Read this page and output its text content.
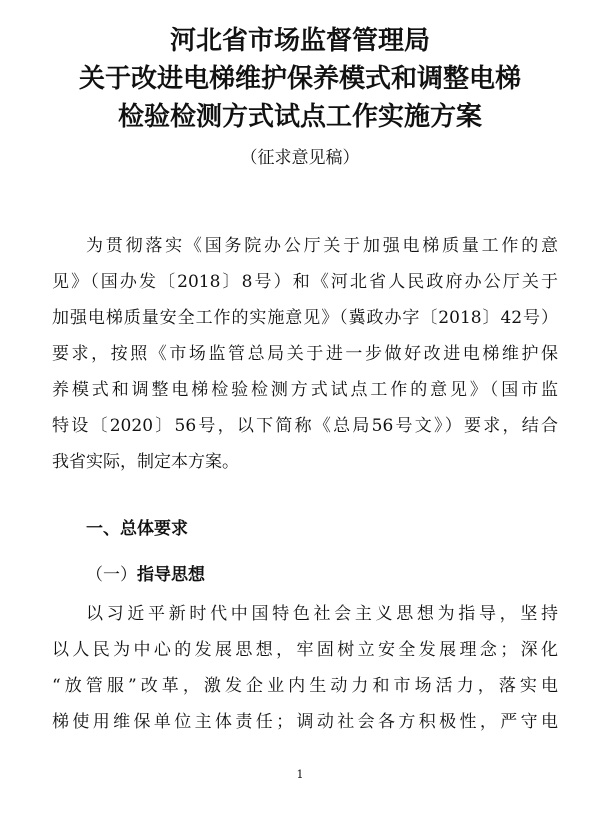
河北省市场监督管理局
关于改进电梯维护保养模式和调整电梯
检验检测方式试点工作实施方案
（征求意见稿）
为贯彻落实《国务院办公厅关于加强电梯质量工作的意
见》（国办发〔2018〕8号）和《河北省人民政府办公厅关于
加强电梯质量安全工作的实施意见》（冀政办字〔2018〕42号）
要求，按照《市场监管总局关于进一步做好改进电梯维护保
养模式和调整电梯检验检测方式试点工作的意见》（国市监
特设〔2020〕56号，以下简称《总局56号文》）要求，结合
我省实际，制定本方案。
一、总体要求
（一）指导思想
以习近平新时代中国特色社会主义思想为指导，坚持
以人民为中心的发展思想，牢固树立安全发展理念；深化
“放管服”改革，激发企业内生动力和市场活力，落实电
梯使用维保单位主体责任；调动社会各方积极性，严守电
1
